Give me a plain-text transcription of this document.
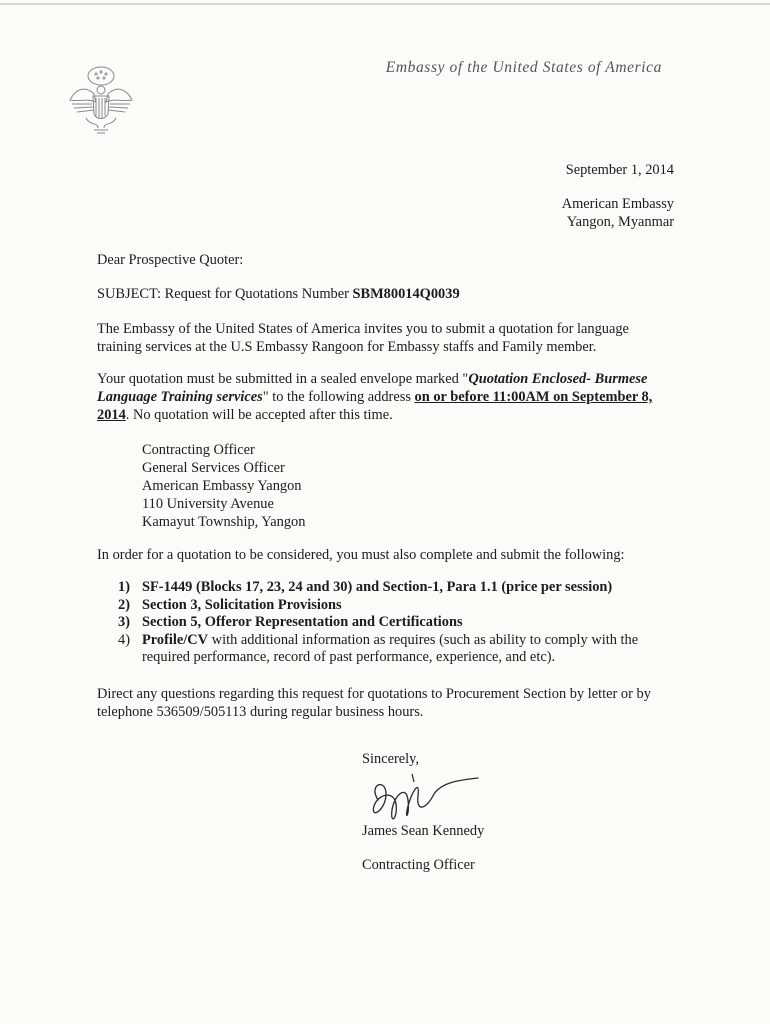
Embassy of the United States of America
September 1, 2014
American Embassy
Yangon, Myanmar
Dear Prospective Quoter:
SUBJECT: Request for Quotations Number SBM80014Q0039
The Embassy of the United States of America invites you to submit a quotation for language training services at the U.S Embassy Rangoon for Embassy staffs and Family member.
Your quotation must be submitted in a sealed envelope marked "Quotation Enclosed- Burmese Language Training services" to the following address on or before 11:00AM on September 8, 2014. No quotation will be accepted after this time.
Contracting Officer
General Services Officer
American Embassy Yangon
110 University Avenue
Kamayut Township, Yangon
In order for a quotation to be considered, you must also complete and submit the following:
1) SF-1449 (Blocks 17, 23, 24 and 30) and Section-1, Para 1.1 (price per session)
2) Section 3, Solicitation Provisions
3) Section 5, Offeror Representation and Certifications
4) Profile/CV with additional information as requires (such as ability to comply with the required performance, record of past performance, experience, and etc).
Direct any questions regarding this request for quotations to Procurement Section by letter or by telephone 536509/505113 during regular business hours.
Sincerely,
James Sean Kennedy
Contracting Officer
